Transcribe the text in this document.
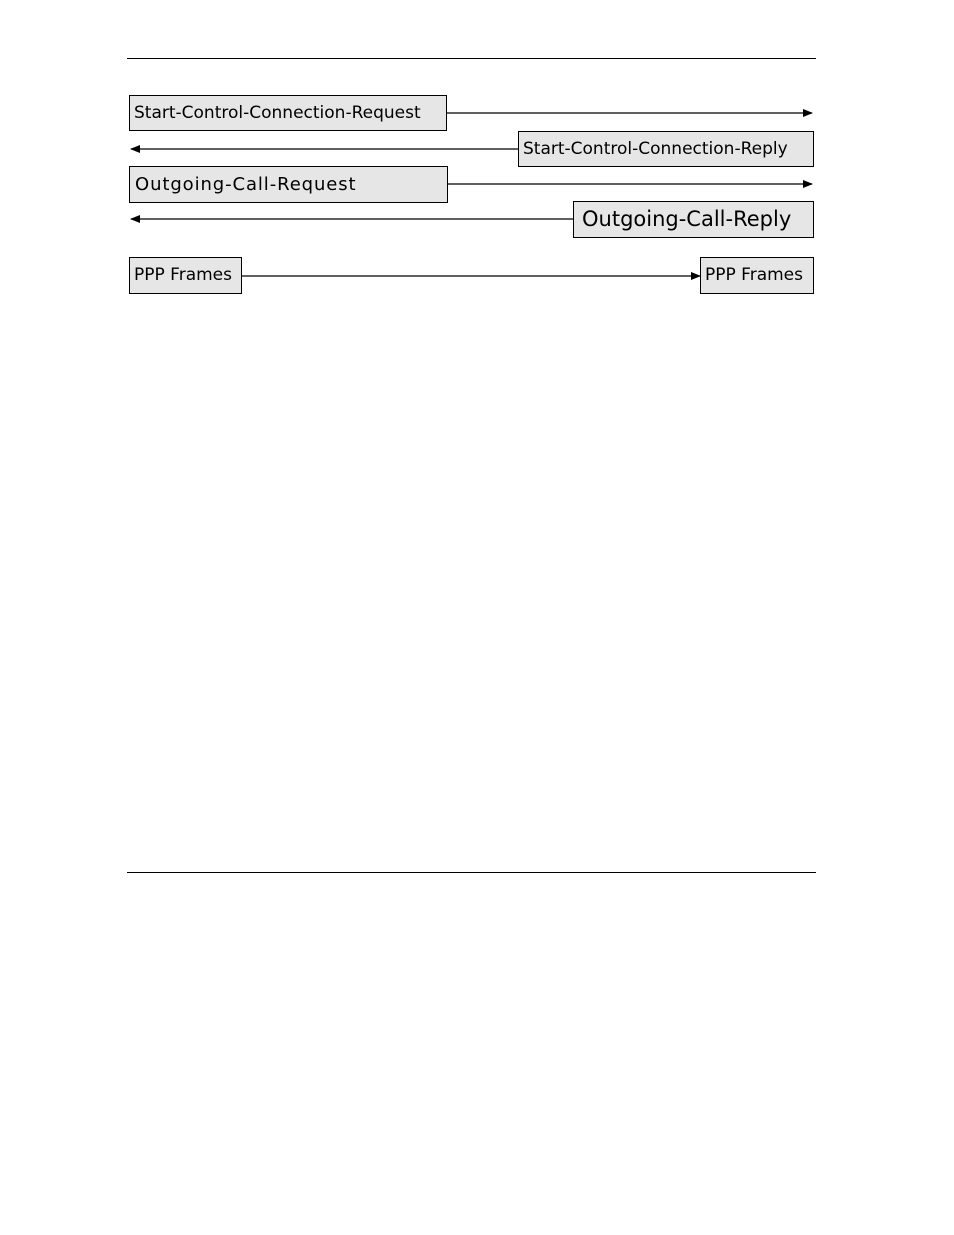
Start-Control-Connection-Request
Start-Control-Connection-Reply
Outgoing-Call-Request
Outgoing-Call-Reply
PPP Frames	PPP Frames
